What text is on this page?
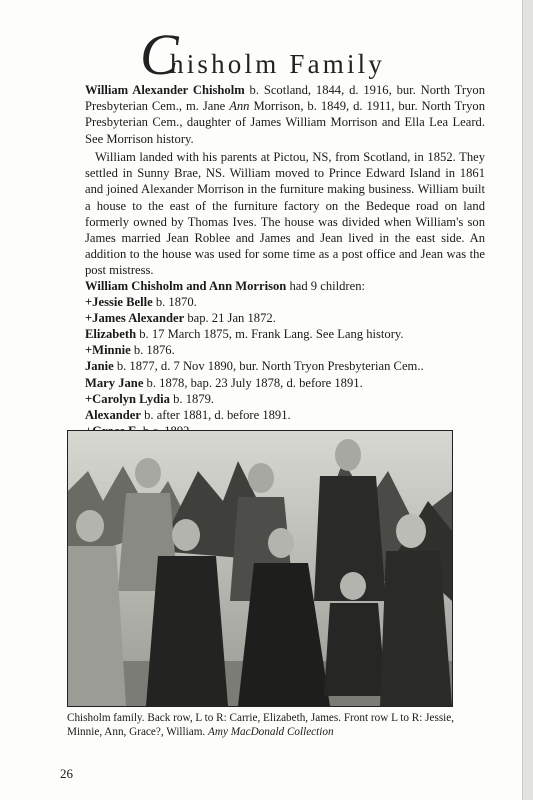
C
hisholm Family
William Alexander Chisholm b. Scotland, 1844, d. 1916, bur. North Tryon Presbyterian Cem., m. Jane Ann Morrison, b. 1849, d. 1911, bur. North Tryon Presbyterian Cem., daughter of James William Morrison and Ella Lea Leard. See Morrison history.
William landed with his parents at Pictou, NS, from Scotland, in 1852. They settled in Sunny Brae, NS. William moved to Prince Edward Island in 1861 and joined Alexander Morrison in the furniture making business. William built a house to the east of the furniture factory on the Bedeque road on land formerly owned by Thomas Ives. The house was divided when William's son James married Jean Roblee and James and Jean lived in the east side. An addition to the house was used for some time as a post office and Jean was the post mistress.
William Chisholm and Ann Morrison had 9 children:
+Jessie Belle b. 1870.
+James Alexander bap. 21 Jan 1872.
Elizabeth b. 17 March 1875, m. Frank Lang. See Lang history.
+Minnie b. 1876.
Janie b. 1877, d. 7 Nov 1890, bur. North Tryon Presbyterian Cem..
Mary Jane b. 1878, bap. 23 July 1878, d. before 1891.
+Carolyn Lydia b. 1879.
Alexander b. after 1881, d. before 1891.
Chisholm family. Back row, L to R: Carrie, Elizabeth, James. Front row L to R: Jessie, Minnie, Ann, Grace?, William. Amy MacDonald Collection
26
